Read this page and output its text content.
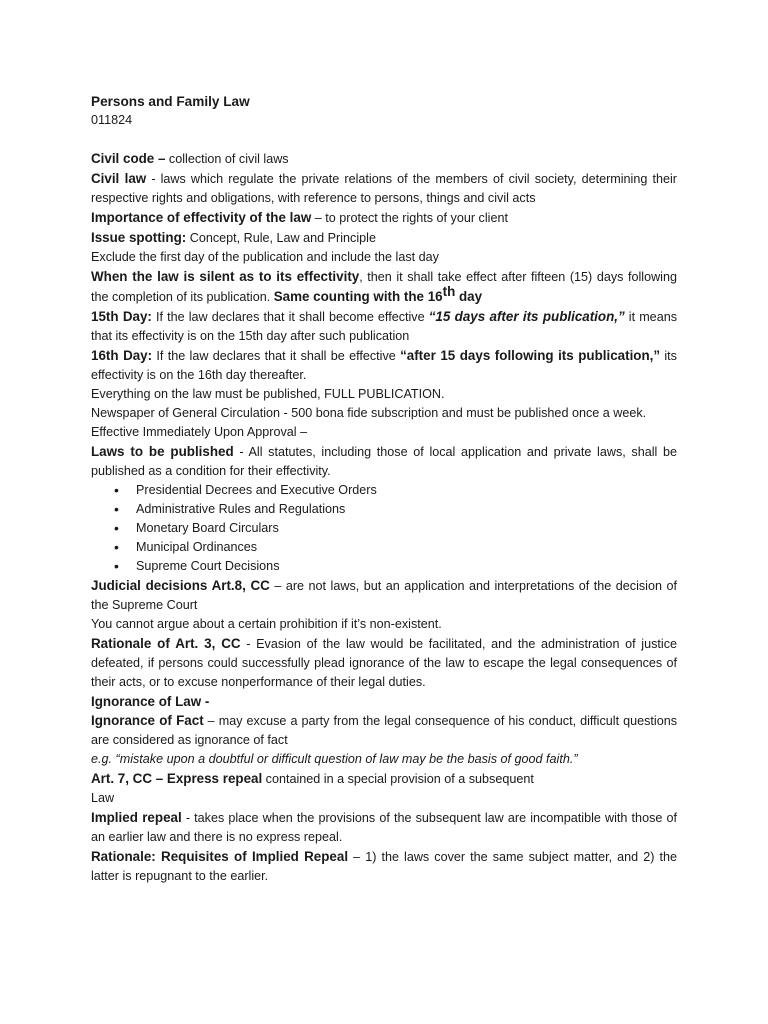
Persons and Family Law

011824

Civil code – collection of civil laws

Civil law - laws which regulate the private relations of the members of civil society, determining their respective rights and obligations, with reference to persons, things and civil acts

Importance of effectivity of the law – to protect the rights of your client

Issue spotting: Concept, Rule, Law and Principle

Exclude the first day of the publication and include the last day

When the law is silent as to its effectivity, then it shall take effect after fifteen (15) days following the completion of its publication. Same counting with the 16th day

15th Day: If the law declares that it shall become effective “15 days after its publication,” it means that its effectivity is on the 15th day after such publication

16th Day: If the law declares that it shall be effective “after 15 days following its publication,” its effectivity is on the 16th day thereafter.

Everything on the law must be published, FULL PUBLICATION.

Newspaper of General Circulation - 500 bona fide subscription and must be published once a week.

Effective Immediately Upon Approval –

Laws to be published - All statutes, including those of local application and private laws, shall be published as a condition for their effectivity.

• Presidential Decrees and Executive Orders
• Administrative Rules and Regulations
• Monetary Board Circulars
• Municipal Ordinances
• Supreme Court Decisions

Judicial decisions Art.8, CC – are not laws, but an application and interpretations of the decision of the Supreme Court

You cannot argue about a certain prohibition if it’s non-existent.

Rationale of Art. 3, CC - Evasion of the law would be facilitated, and the administration of justice defeated, if persons could successfully plead ignorance of the law to escape the legal consequences of their acts, or to excuse nonperformance of their legal duties.

Ignorance of Law -

Ignorance of Fact – may excuse a party from the legal consequence of his conduct, difficult questions are considered as ignorance of fact

e.g. “mistake upon a doubtful or difficult question of law may be the basis of good faith.”

Art. 7, CC – Express repeal contained in a special provision of a subsequent

Law

Implied repeal - takes place when the provisions of the subsequent law are incompatible with those of an earlier law and there is no express repeal.

Rationale: Requisites of Implied Repeal – 1) the laws cover the same subject matter, and 2) the latter is repugnant to the earlier.
